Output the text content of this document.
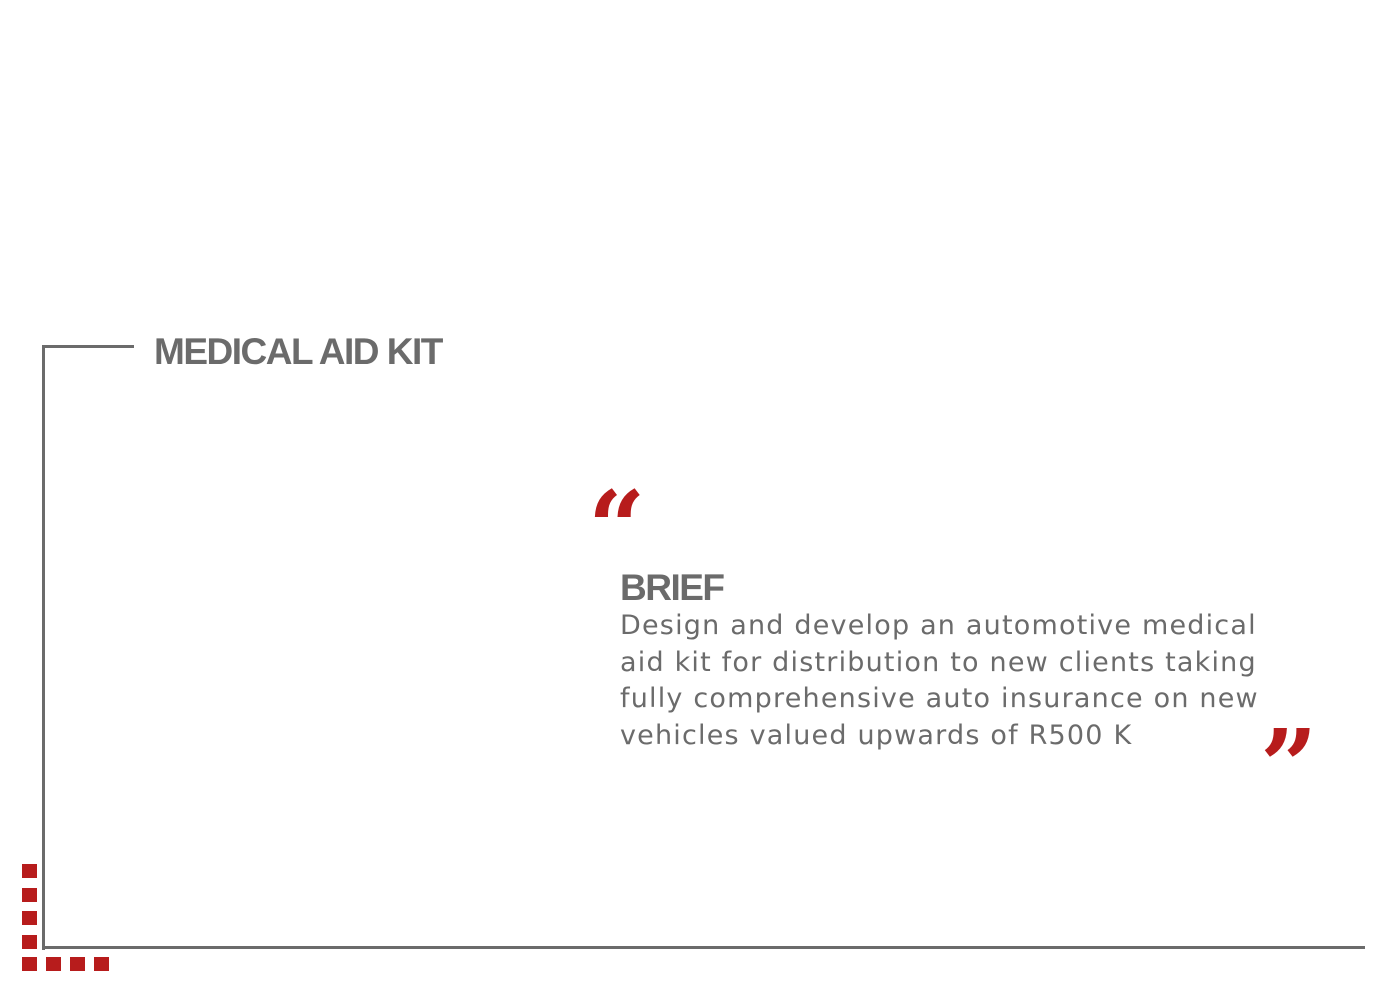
MEDICAL AID KIT
“
BRIEF
Design and develop an automotive medical
aid kit for distribution to new clients taking
fully comprehensive auto insurance on new
vehicles valued upwards of R500 K	”
